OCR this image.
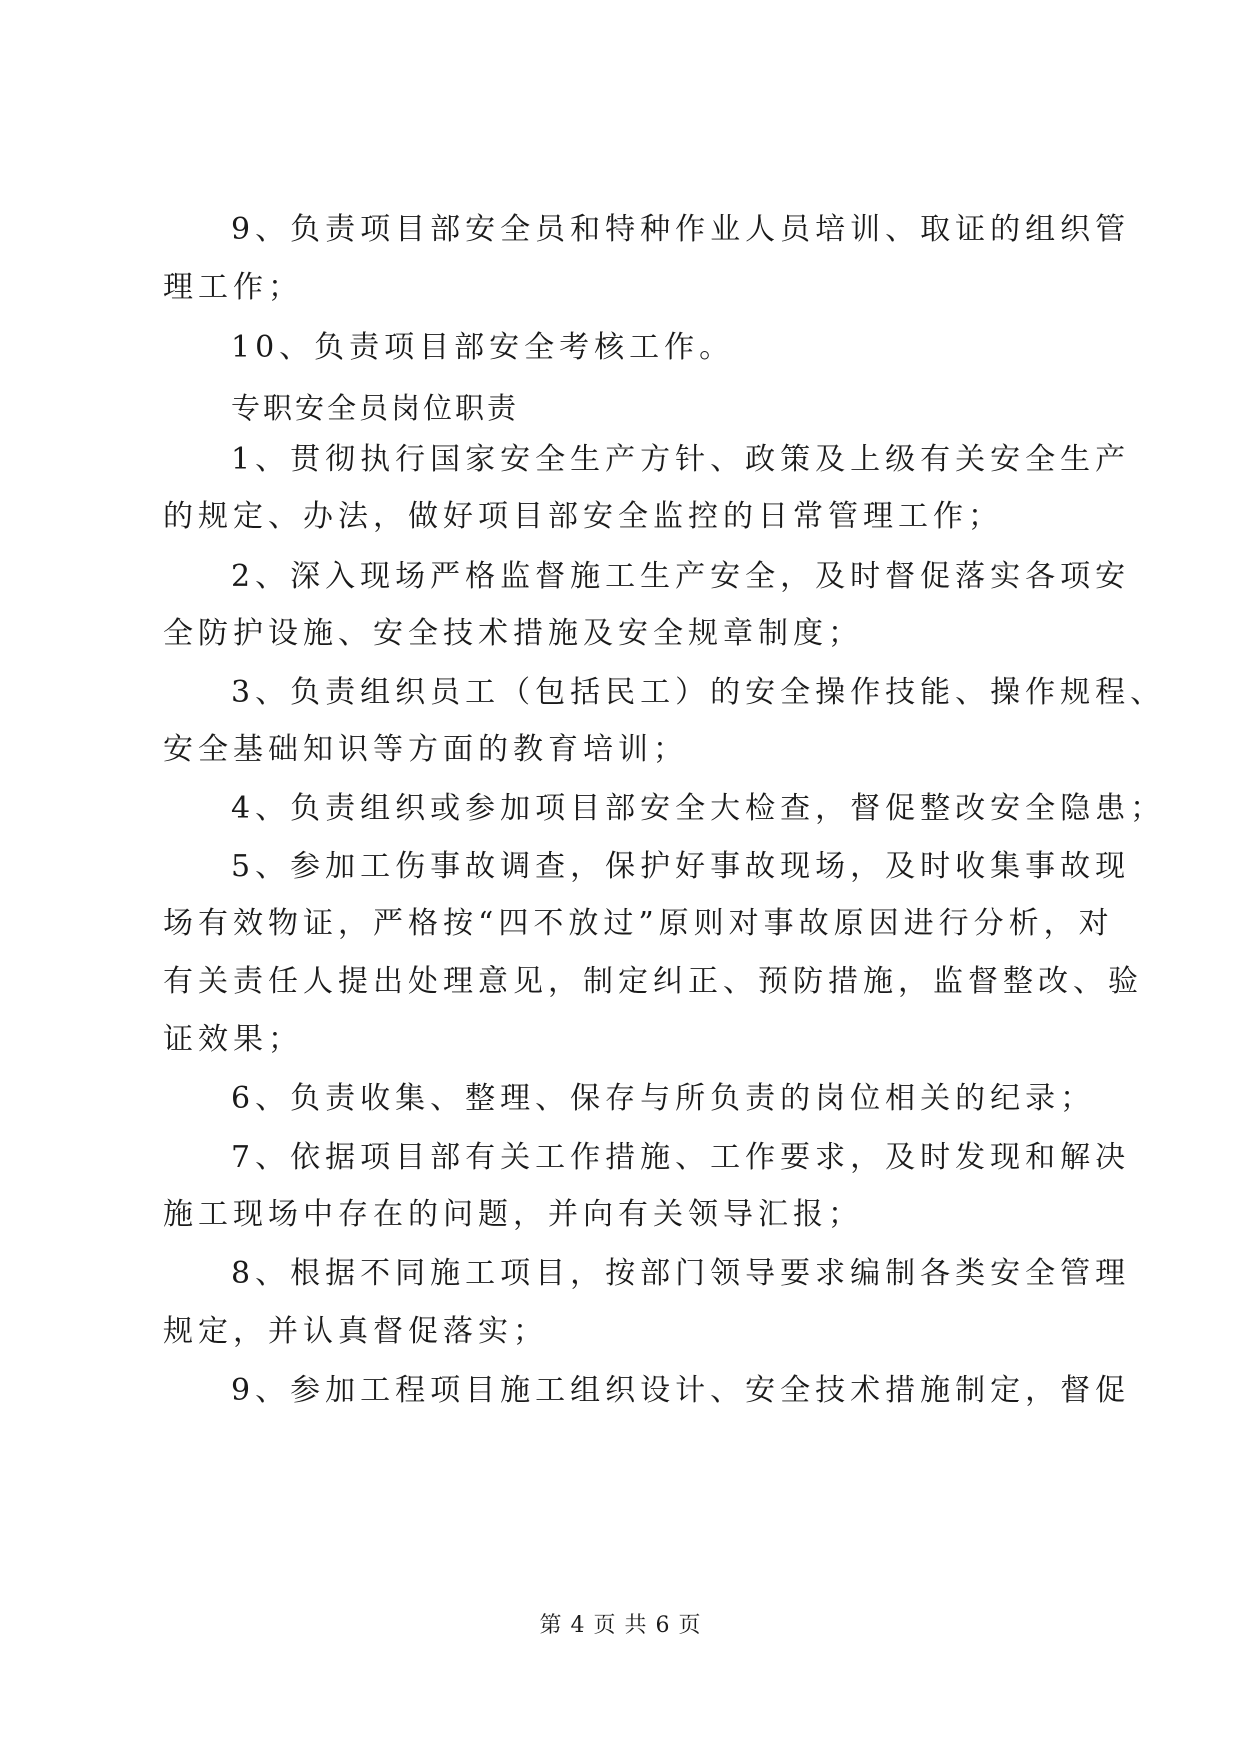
9、负责项目部安全员和特种作业人员培训、取证的组织管
理工作；
10、负责项目部安全考核工作。
专职安全员岗位职责
1、贯彻执行国家安全生产方针、政策及上级有关安全生产
的规定、办法，做好项目部安全监控的日常管理工作；
2、深入现场严格监督施工生产安全，及时督促落实各项安
全防护设施、安全技术措施及安全规章制度；
3、负责组织员工（包括民工）的安全操作技能、操作规程、
安全基础知识等方面的教育培训；
4、负责组织或参加项目部安全大检查，督促整改安全隐患；
5、参加工伤事故调查，保护好事故现场，及时收集事故现
场有效物证，严格按“四不放过”原则对事故原因进行分析，对
有关责任人提出处理意见，制定纠正、预防措施，监督整改、验
证效果；
6、负责收集、整理、保存与所负责的岗位相关的纪录；
7、依据项目部有关工作措施、工作要求，及时发现和解决
施工现场中存在的问题，并向有关领导汇报；
8、根据不同施工项目，按部门领导要求编制各类安全管理
规定，并认真督促落实；
9、参加工程项目施工组织设计、安全技术措施制定，督促
第 4 页 共 6 页
